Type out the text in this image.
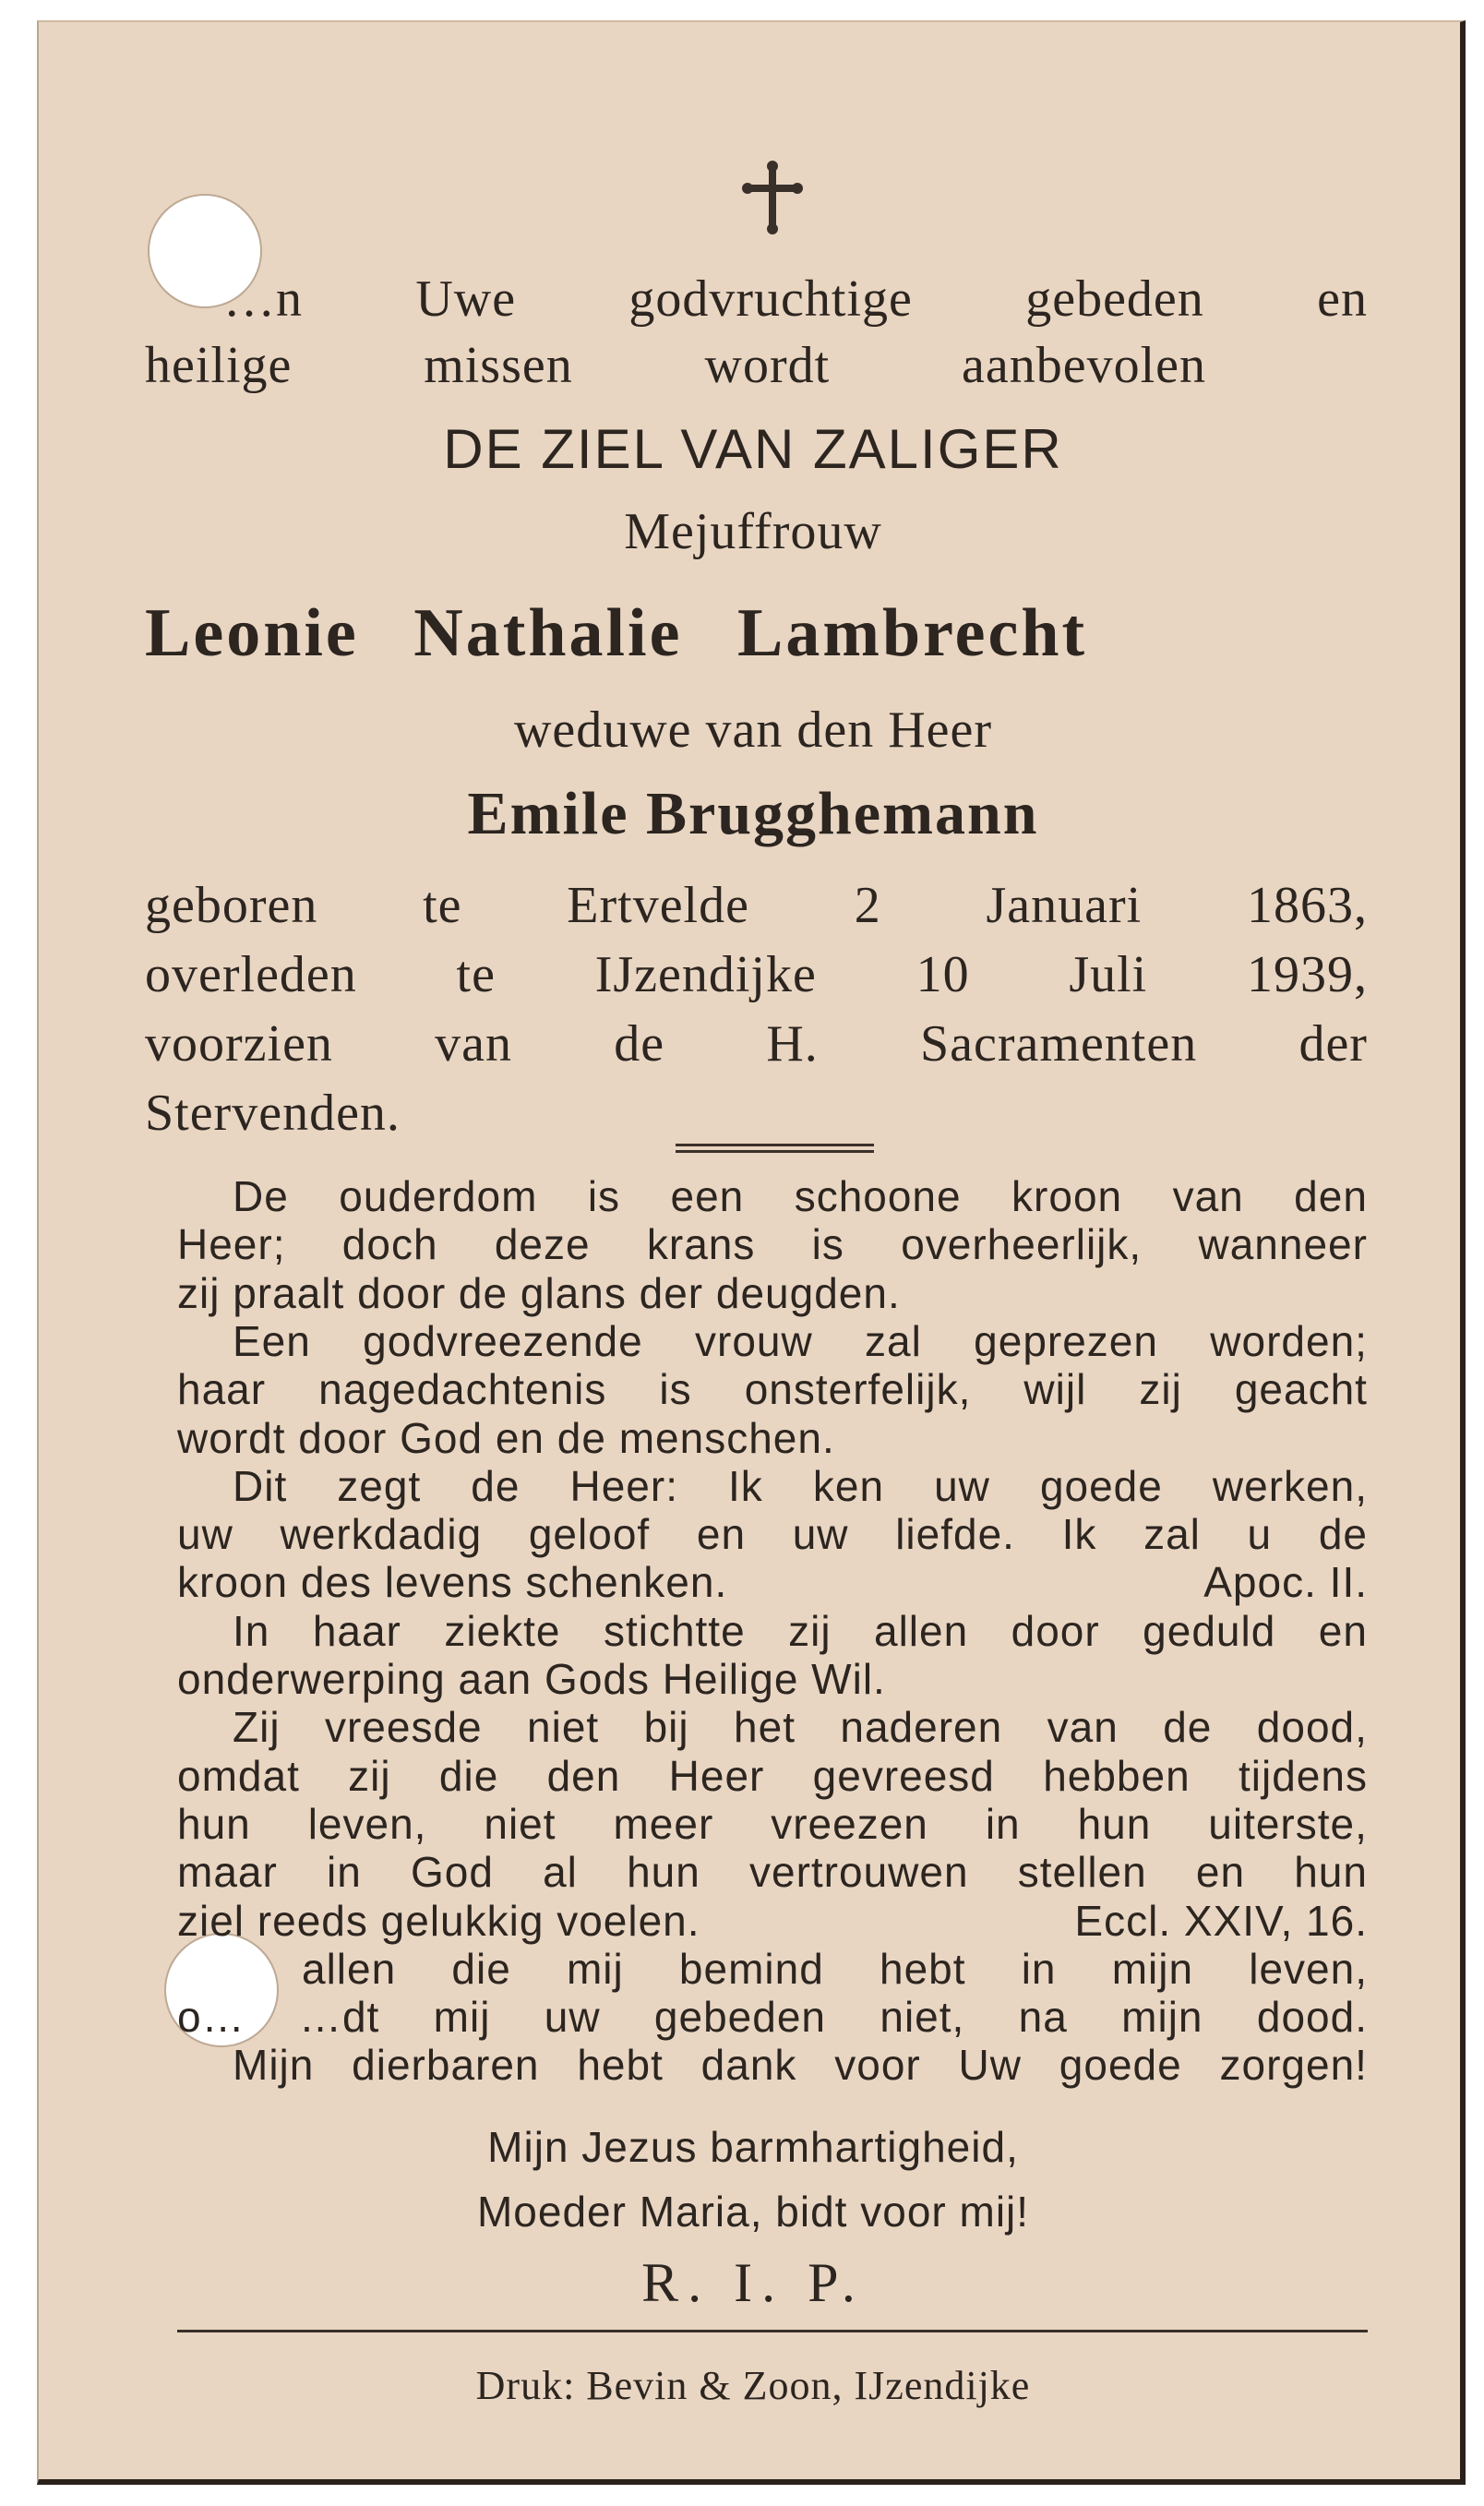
…n Uwe godvruchtige gebeden en
heilige	missen	wordt	aanbevolen
DE ZIEL VAN ZALIGER
Mejuffrouw
Leonie Nathalie Lambrecht
weduwe van den Heer
Emile Brugghemann
geboren te Ertvelde 2 Januari 1863,
overleden te IJzendijke 10 Juli 1939,
voorzien van de H. Sacramenten der
Stervenden.
De ouderdom is een schoone kroon van den
Heer; doch deze krans is overheerlijk, wanneer
zij praalt door de glans der deugden.
Een godvreezende vrouw zal geprezen worden;
haar nagedachtenis is onsterfelijk, wijl zij geacht
wordt door God en de menschen.
Dit zegt de Heer: Ik ken uw goede werken,
uw werkdadig geloof en uw liefde. Ik zal u de
kroon des levens schenken.	Apoc. II.
In haar ziekte stichtte zij allen door geduld en
onderwerping aan Gods Heilige Wil.
Zij vreesde niet bij het naderen van de dood,
omdat zij die den Heer gevreesd hebben tijdens
hun leven, niet meer vreezen in hun uiterste,
maar in God al hun vertrouwen stellen en hun
ziel reeds gelukkig voelen.	Eccl. XXIV, 16.
allen die mij bemind hebt in mijn leven,
o… …dt mij uw gebeden niet, na mijn dood.
Mijn dierbaren hebt dank voor Uw goede zorgen!
Mijn Jezus barmhartigheid,
Moeder Maria, bidt voor mij!
R. I. P.
Druk: Bevin & Zoon, IJzendijke
